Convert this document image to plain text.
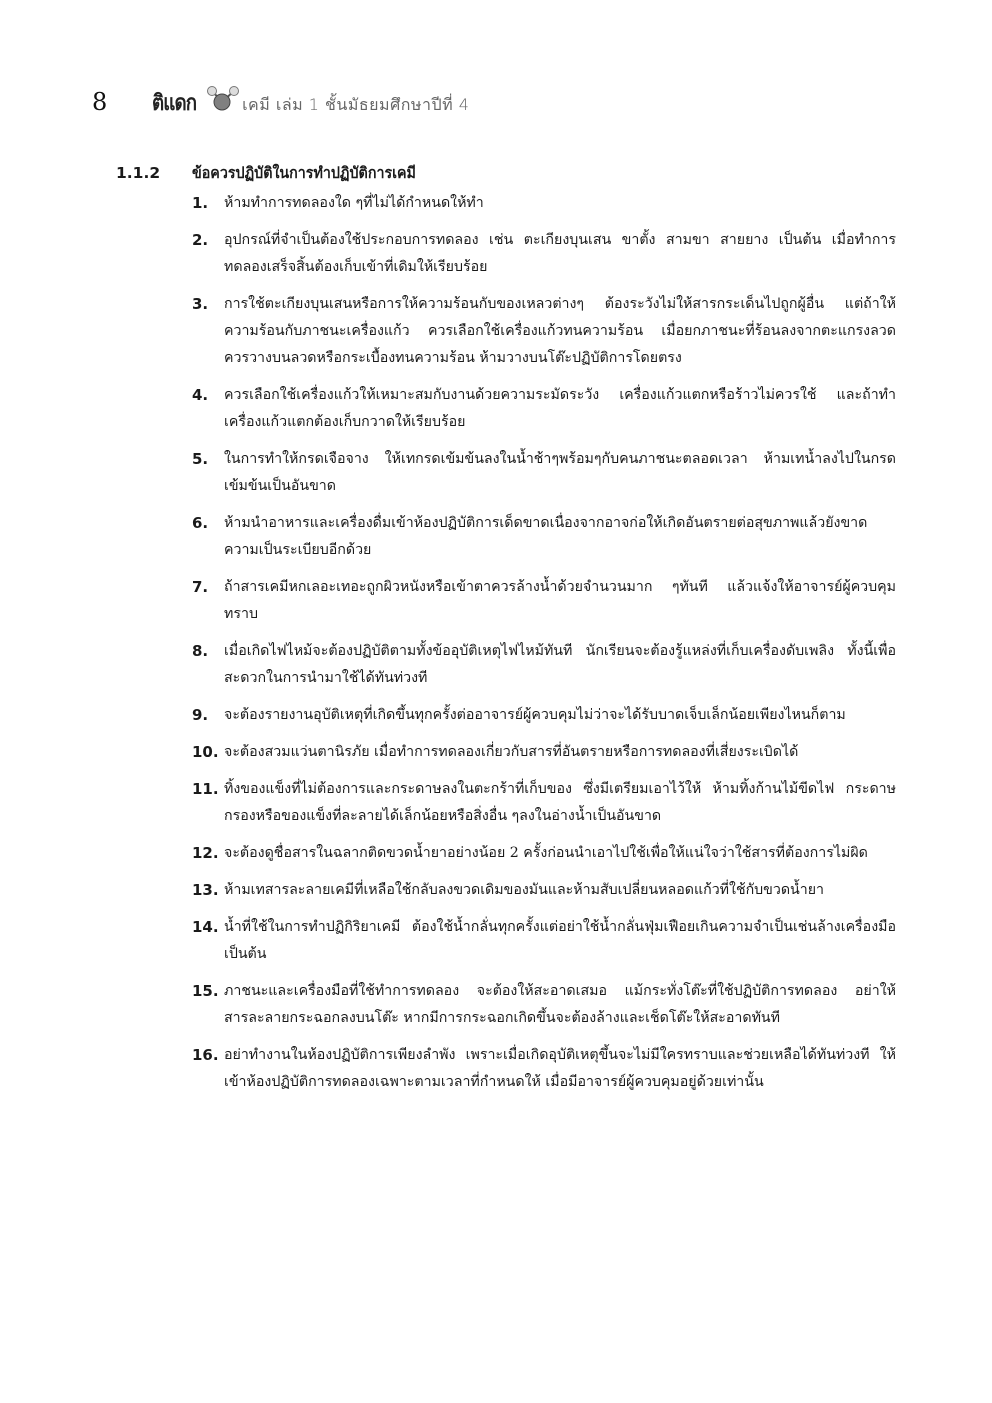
8	ติแดก	เคมี เล่ม 1 ชั้นมัธยมศึกษาปีที่ 4
1.1.2	ข้อควรปฏิบัติในการทำปฏิบัติการเคมี
1.	ห้ามทำการทดลองใด ๆที่ไม่ได้กำหนดให้ทำ
2.	อุปกรณ์ที่จำเป็นต้องใช้ประกอบการทดลอง เช่น ตะเกียงบุนเสน ขาตั้ง สามขา สายยาง เป็นต้น เมื่อทำการทดลองเสร็จสิ้นต้องเก็บเข้าที่เดิมให้เรียบร้อย
3.	การใช้ตะเกียงบุนเสนหรือการให้ความร้อนกับของเหลวต่างๆ ต้องระวังไม่ให้สารกระเด็นไปถูกผู้อื่น แต่ถ้าให้ความร้อนกับภาชนะเครื่องแก้ว ควรเลือกใช้เครื่องแก้วทนความร้อน เมื่อยกภาชนะที่ร้อนลงจากตะแกรงลวด ควรวางบนลวดหรือกระเบื้องทนความร้อน ห้ามวางบนโต๊ะปฏิบัติการโดยตรง
4.	ควรเลือกใช้เครื่องแก้วให้เหมาะสมกับงานด้วยความระมัดระวัง เครื่องแก้วแตกหรือร้าวไม่ควรใช้ และถ้าทำเครื่องแก้วแตกต้องเก็บกวาดให้เรียบร้อย
5.	ในการทำให้กรดเจือจาง ให้เทกรดเข้มข้นลงในน้ำช้าๆพร้อมๆกับคนภาชนะตลอดเวลา ห้ามเทน้ำลงไปในกรดเข้มข้นเป็นอันขาด
6.	ห้ามนำอาหารและเครื่องดื่มเข้าห้องปฏิบัติการเด็ดขาดเนื่องจากอาจก่อให้เกิดอันตรายต่อสุขภาพแล้วยังขาดความเป็นระเบียบอีกด้วย
7.	ถ้าสารเคมีหกเลอะเทอะถูกผิวหนังหรือเข้าตาควรล้างน้ำด้วยจำนวนมาก ๆทันที แล้วแจ้งให้อาจารย์ผู้ควบคุมทราบ
8.	เมื่อเกิดไฟไหม้จะต้องปฏิบัติตามทั้งข้ออุบัติเหตุไฟไหม้ทันที นักเรียนจะต้องรู้แหล่งที่เก็บเครื่องดับเพลิง ทั้งนี้เพื่อสะดวกในการนำมาใช้ได้ทันท่วงที
9.	จะต้องรายงานอุบัติเหตุที่เกิดขึ้นทุกครั้งต่ออาจารย์ผู้ควบคุมไม่ว่าจะได้รับบาดเจ็บเล็กน้อยเพียงไหนก็ตาม
10. จะต้องสวมแว่นตานิรภัย เมื่อทำการทดลองเกี่ยวกับสารที่อันตรายหรือการทดลองที่เสี่ยงระเบิดได้
11. ทิ้งของแข็งที่ไม่ต้องการและกระดาษลงในตะกร้าที่เก็บของ ซึ่งมีเตรียมเอาไว้ให้ ห้ามทิ้งก้านไม้ขีดไฟ กระดาษกรองหรือของแข็งที่ละลายได้เล็กน้อยหรือสิ่งอื่น ๆลงในอ่างน้ำเป็นอันขาด
12. จะต้องดูชื่อสารในฉลากติดขวดน้ำยาอย่างน้อย 2 ครั้งก่อนนำเอาไปใช้เพื่อให้แน่ใจว่าใช้สารที่ต้องการไม่ผิด
13. ห้ามเทสารละลายเคมีที่เหลือใช้กลับลงขวดเดิมของมันและห้ามสับเปลี่ยนหลอดแก้วที่ใช้กับขวดน้ำยา
14. น้ำที่ใช้ในการทำปฏิกิริยาเคมี ต้องใช้น้ำกลั่นทุกครั้งแต่อย่าใช้น้ำกลั่นฟุ่มเฟือยเกินความจำเป็นเช่นล้างเครื่องมือเป็นต้น
15. ภาชนะและเครื่องมือที่ใช้ทำการทดลอง จะต้องให้สะอาดเสมอ แม้กระทั่งโต๊ะที่ใช้ปฏิบัติการทดลอง อย่าให้สารละลายกระฉอกลงบนโต๊ะ หากมีการกระฉอกเกิดขึ้นจะต้องล้างและเช็ดโต๊ะให้สะอาดทันที
16. อย่าทำงานในห้องปฏิบัติการเพียงลำพัง เพราะเมื่อเกิดอุบัติเหตุขึ้นจะไม่มีใครทราบและช่วยเหลือได้ทันท่วงที ให้เข้าห้องปฏิบัติการทดลองเฉพาะตามเวลาที่กำหนดให้ เมื่อมีอาจารย์ผู้ควบคุมอยู่ด้วยเท่านั้น
